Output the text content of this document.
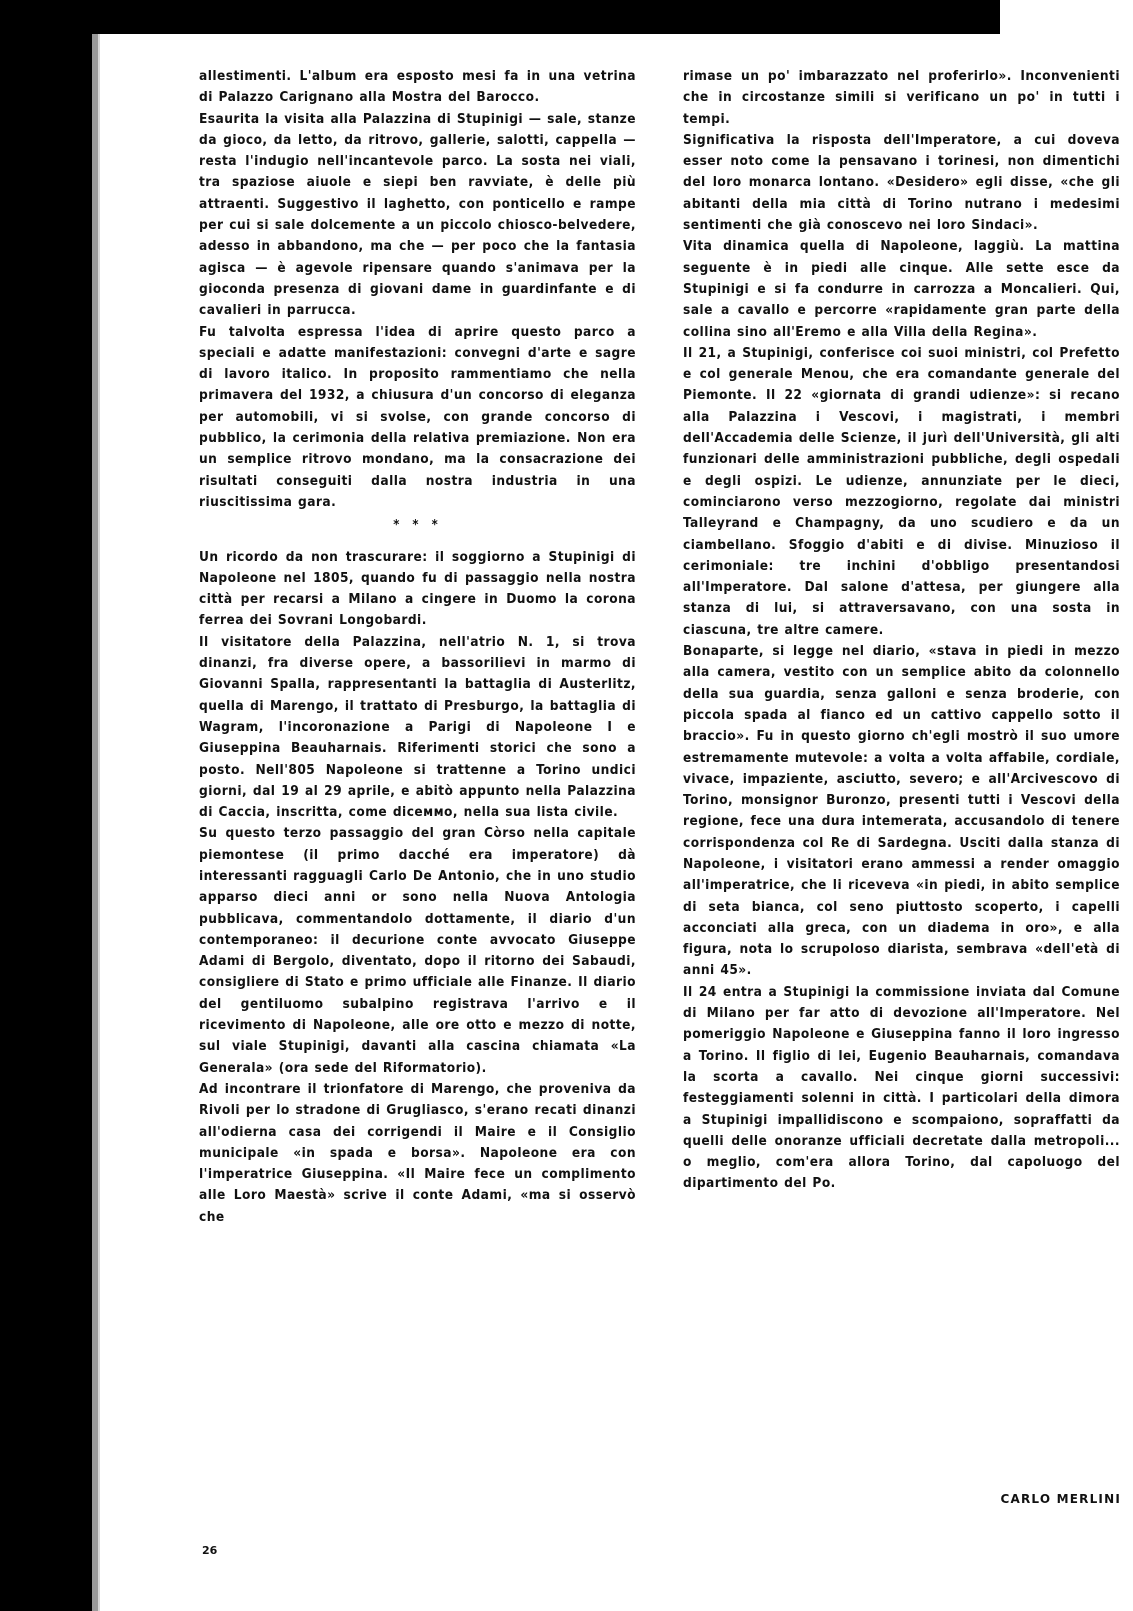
allestimenti. L'album era esposto mesi fa in una vetrina di Palazzo Carignano alla Mostra del Barocco.

Esaurita la visita alla Palazzina di Stupinigi — sale, stanze da gioco, da letto, da ritrovo, gallerie, salotti, cappella — resta l'indugio nell'incantevole parco. La sosta nei viali, tra spaziose aiuole e siepi ben ravviate, è delle più attraenti. Suggestivo il laghetto, con ponticello e rampe per cui si sale dolcemente a un piccolo chiosco-belvedere, adesso in abbandono, ma che — per poco che la fantasia agisca — è agevole ripensare quando s'animava per la gioconda presenza di giovani dame in guardinfante e di cavalieri in parrucca.

Fu talvolta espressa l'idea di aprire questo parco a speciali e adatte manifestazioni: convegni d'arte e sagre di lavoro italico. In proposito rammentiamo che nella primavera del 1932, a chiusura d'un concorso di eleganza per automobili, vi si svolse, con grande concorso di pubblico, la cerimonia della relativa premiazione. Non era un semplice ritrovo mondano, ma la consacrazione dei risultati conseguiti dalla nostra industria in una riuscitissima gara.

* * *

Un ricordo da non trascurare: il soggiorno a Stupinigi di Napoleone nel 1805, quando fu di passaggio nella nostra città per recarsi a Milano a cingere in Duomo la corona ferrea dei Sovrani Longobardi.

Il visitatore della Palazzina, nell'atrio N. 1, si trova dinanzi, fra diverse opere, a bassorilievi in marmo di Giovanni Spalla, rappresentanti la battaglia di Austerlitz, quella di Marengo, il trattato di Presburgo, la battaglia di Wagram, l'incoronazione a Parigi di Napoleone I e Giuseppina Beauharnais. Riferimenti storici che sono a posto. Nell'805 Napoleone si trattenne a Torino undici giorni, dal 19 al 29 aprile, e abitò appunto nella Palazzina di Caccia, inscritta, come diceммо, nella sua lista civile.

Su questo terzo passaggio del gran Còrso nella capitale piemontese (il primo dacché era imperatore) dà interessanti ragguagli Carlo De Antonio, che in uno studio apparso dieci anni or sono nella Nuova Antologia pubblicava, commentandolo dottamente, il diario d'un contemporaneo: il decurione conte avvocato Giuseppe Adami di Bergolo, diventato, dopo il ritorno dei Sabaudi, consigliere di Stato e primo ufficiale alle Finanze. Il diario del gentiluomo subalpino registrava l'arrivo e il ricevimento di Napoleone, alle ore otto e mezzo di notte, sul viale Stupinigi, davanti alla cascina chiamata «La Generala» (ora sede del Riformatorio).

Ad incontrare il trionfatore di Marengo, che proveniva da Rivoli per lo stradone di Grugliasco, s'erano recati dinanzi all'odierna casa dei corrigendi il Maire e il Consiglio municipale «in spada e borsa». Napoleone era con l'imperatrice Giuseppina. «Il Maire fece un complimento alle Loro Maestà» scrive il conte Adami, «ma si osservò che

rimase un po' imbarazzato nel proferirlo». Inconvenienti che in circostanze simili si verificano un po' in tutti i tempi.

Significativa la risposta dell'Imperatore, a cui doveva esser noto come la pensavano i torinesi, non dimentichi del loro monarca lontano. «Desidero» egli disse, «che gli abitanti della mia città di Torino nutrano i medesimi sentimenti che già conoscevo nei loro Sindaci».

Vita dinamica quella di Napoleone, laggiù. La mattina seguente è in piedi alle cinque. Alle sette esce da Stupinigi e si fa condurre in carrozza a Moncalieri. Qui, sale a cavallo e percorre «rapidamente gran parte della collina sino all'Eremo e alla Villa della Regina».

Il 21, a Stupinigi, conferisce coi suoi ministri, col Prefetto e col generale Menou, che era comandante generale del Piemonte. Il 22 «giornata di grandi udienze»: si recano alla Palazzina i Vescovi, i magistrati, i membri dell'Accademia delle Scienze, il jurì dell'Università, gli alti funzionari delle amministrazioni pubbliche, degli ospedali e degli ospizi. Le udienze, annunziate per le dieci, cominciarono verso mezzogiorno, regolate dai ministri Talleyrand e Champagny, da uno scudiero e da un ciambellano. Sfoggio d'abiti e di divise. Minuzioso il cerimoniale: tre inchini d'obbligo presentandosi all'Imperatore. Dal salone d'attesa, per giungere alla stanza di lui, si attraversavano, con una sosta in ciascuna, tre altre camere.

Bonaparte, si legge nel diario, «stava in piedi in mezzo alla camera, vestito con un semplice abito da colonnello della sua guardia, senza galloni e senza broderie, con piccola spada al fianco ed un cattivo cappello sotto il braccio». Fu in questo giorno ch'egli mostrò il suo umore estremamente mutevole: a volta a volta affabile, cordiale, vivace, impaziente, asciutto, severo; e all'Arcivescovo di Torino, monsignor Buronzo, presenti tutti i Vescovi della regione, fece una dura intemerata, accusandolo di tenere corrispondenza col Re di Sardegna. Usciti dalla stanza di Napoleone, i visitatori erano ammessi a render omaggio all'imperatrice, che li riceveva «in piedi, in abito semplice di seta bianca, col seno piuttosto scoperto, i capelli acconciati alla greca, con un diadema in oro», e alla figura, nota lo scrupoloso diarista, sembrava «dell'età di anni 45».

Il 24 entra a Stupinigi la commissione inviata dal Comune di Milano per far atto di devozione all'Imperatore. Nel pomeriggio Napoleone e Giuseppina fanno il loro ingresso a Torino. Il figlio di lei, Eugenio Beauharnais, comandava la scorta a cavallo. Nei cinque giorni successivi: festeggiamenti solenni in città. I particolari della dimora a Stupinigi impallidiscono e scompaiono, sopraffatti da quelli delle onoranze ufficiali decretate dalla metropoli... o meglio, com'era allora Torino, dal capoluogo del dipartimento del Po.

CARLO MERLINI
26
